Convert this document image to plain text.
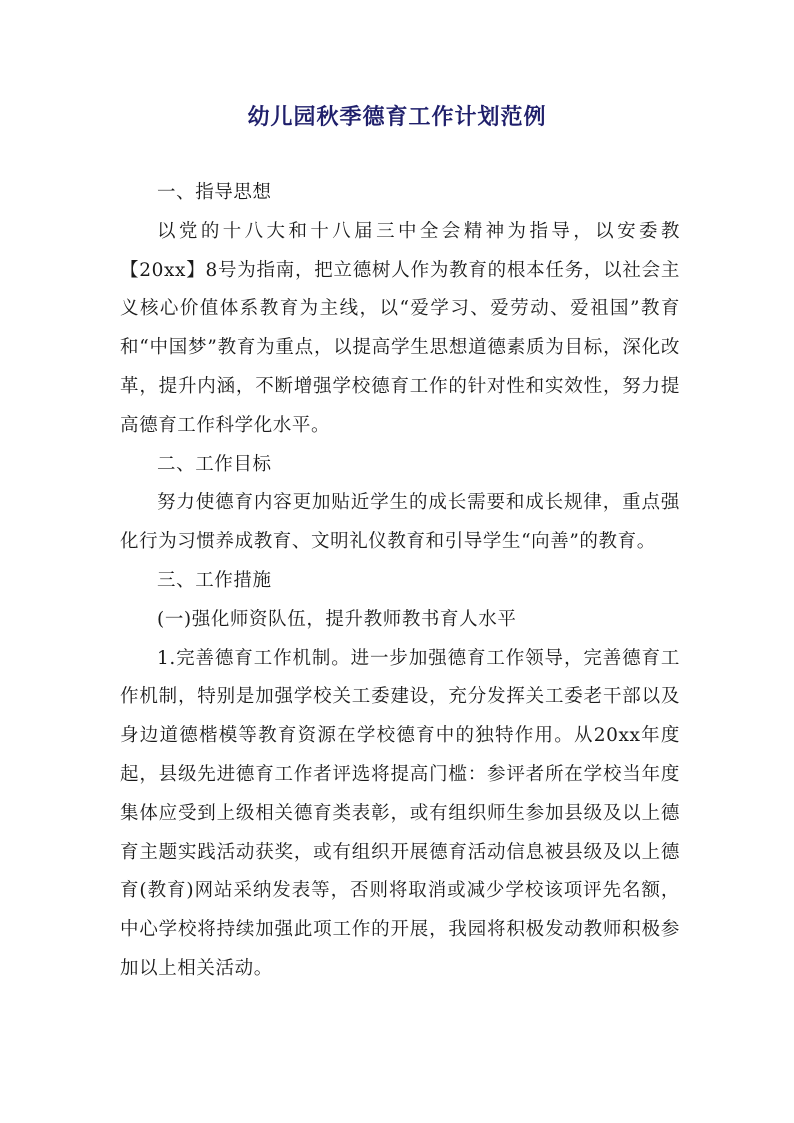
幼儿园秋季德育工作计划范例

一、指导思想

以党的十八大和十八届三中全会精神为指导，以安委教【20xx】8号为指南，把立德树人作为教育的根本任务，以社会主义核心价值体系教育为主线，以“爱学习、爱劳动、爱祖国”教育和“中国梦”教育为重点，以提高学生思想道德素质为目标，深化改革，提升内涵，不断增强学校德育工作的针对性和实效性，努力提高德育工作科学化水平。

二、工作目标

努力使德育内容更加贴近学生的成长需要和成长规律，重点强化行为习惯养成教育、文明礼仪教育和引导学生“向善”的教育。

三、工作措施

(一)强化师资队伍，提升教师教书育人水平

1.完善德育工作机制。进一步加强德育工作领导，完善德育工作机制，特别是加强学校关工委建设，充分发挥关工委老干部以及身边道德楷模等教育资源在学校德育中的独特作用。从20xx年度起，县级先进德育工作者评选将提高门槛：参评者所在学校当年度集体应受到上级相关德育类表彰，或有组织师生参加县级及以上德育主题实践活动获奖，或有组织开展德育活动信息被县级及以上德育(教育)网站采纳发表等，否则将取消或减少学校该项评先名额，中心学校将持续加强此项工作的开展，我园将积极发动教师积极参加以上相关活动。
